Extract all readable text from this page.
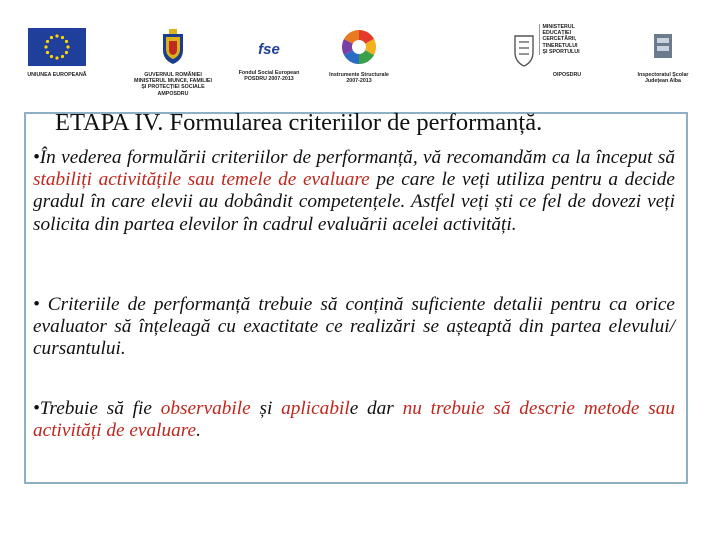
UNIUNEA EUROPEANĂ	GUVERNUL ROMÂNIEI
MINISTERUL MUNCII, FAMILIEI
ȘI PROTECȚIEI SOCIALE
AMPOSDRU
fse
Fondul Social European
POSDRU 2007-2013
Instrumente Structurale
2007-2013
OIPOSDRU
MINISTERUL
EDUCAȚIEI
CERCETĂRII,
TINERETULUI
ȘI SPORTULUI
Inspectoratul Școlar
Județean Alba
ETAPA IV. Formularea criteriilor de performanță.

•În vederea formulării criteriilor de performanță, vă recomandăm ca la început să stabiliți activitățile sau temele de evaluare pe care le veți utiliza pentru a decide gradul în care elevii au dobândit competențele. Astfel veți ști ce fel de dovezi veți solicita din partea elevilor în cadrul evaluării acelei activități.

• Criteriile de performanță trebuie să conțină suficiente detalii pentru ca orice evaluator să înțeleagă cu exactitate ce realizări se așteaptă din partea elevului/ cursantului.

•Trebuie să fie observabile și aplicabile dar nu trebuie să descrie metode sau activități de evaluare.
